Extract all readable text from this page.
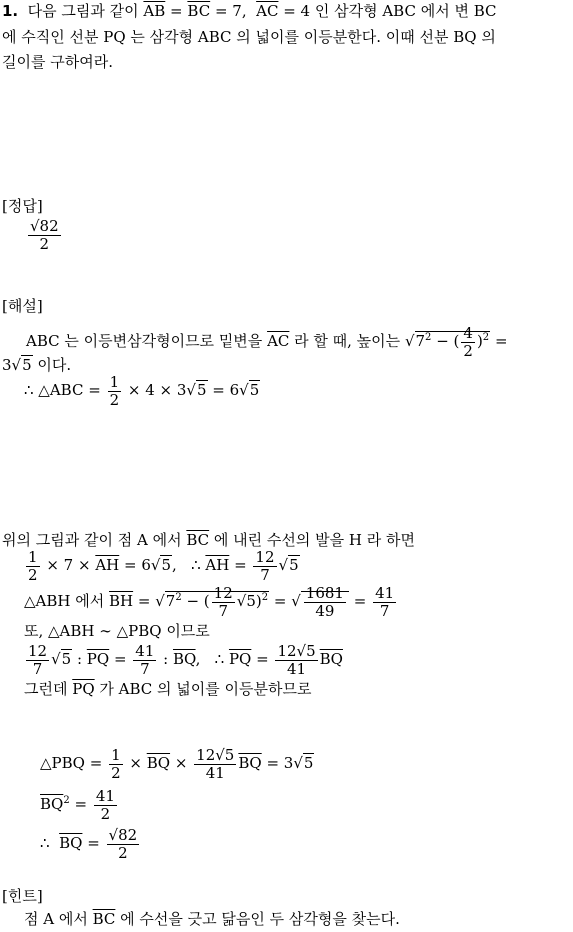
1.  다음 그림과 같이 $\overline{AB} = \overline{BC} = 7$,  $\overline{AC} = 4$ 인 삼각형 ABC 에서 변 BC
에 수직인 선분 PQ 는 삼각형 ABC 의 넓이를 이등분한다. 이때 선분 BQ 의
길이를 구하여라.
[정답]
$\frac{√82}{2}$
[해설]
ABC 는 이등변삼각형이므로 밑변을 $\overline{AC}$ 라 할 때, 높이는 $√7^2$ − ( $\frac{4}{2} )^2$ =
3√5 이다.
∴ △ABC = $\frac{1}{2} \times 4 \times 3√5 = 6√5$
위의 그림과 같이 점 A 에서 $\overline{BC}$ 에 내린 수선의 발을 H 라 하면
$\frac{1}{2} \times 7 \times \overline{AH} = 6√5$,   ∴ $\overline{AH} = \frac{12}{7} √5$
△ABH 에서 $\overline{BH} = √7^2$ − ( $\frac{12}{7} √5)^2$ = √ $\frac{1681}{49} = \frac{41}{7}$
또, △ABH ∼ △PBQ 이므로
$\frac{12}{7} √5$ : $\overline{PQ} = \frac{41}{7}$ : $\overline{BQ}$,   ∴ $\overline{PQ} = \frac{12√5}{41} \overline{BQ}$
그런데 $\overline{PQ}$ 가 ABC 의 넓이를 이등분하므로
△PBQ = $\frac{1}{2} \times \overline{BQ} \times \frac{12√5}{41} \overline{BQ} = 3√5$
$\overline{BQ}^2 = \frac{41}{2}$
∴  $\overline{BQ} = \frac{√82}{2}$
[힌트]
점 A 에서 $\overline{BC}$ 에 수선을 긋고 닮음인 두 삼각형을 찾는다.
